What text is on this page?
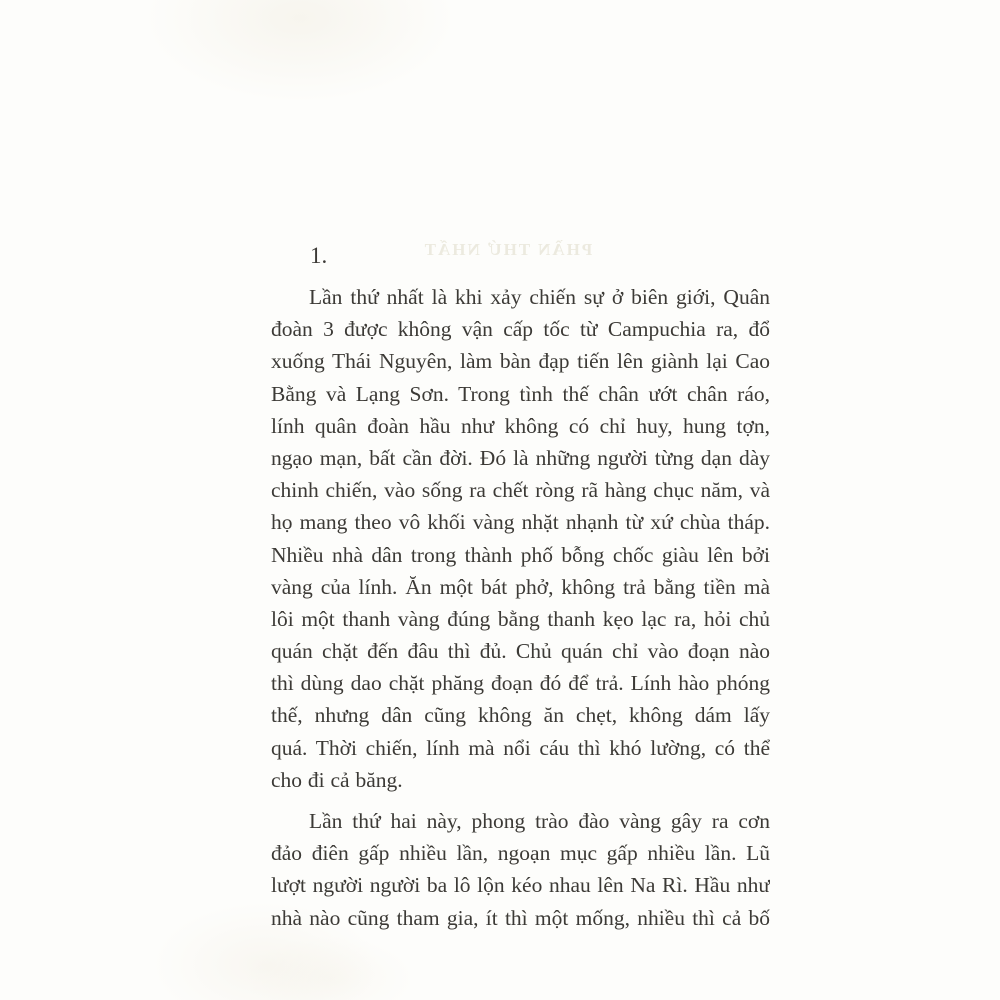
PHẦN THỨ NHẤT
1.
Lần thứ nhất là khi xảy chiến sự ở biên giới, Quân
đoàn 3 được không vận cấp tốc từ Campuchia ra, đổ
xuống Thái Nguyên, làm bàn đạp tiến lên giành lại Cao
Bằng và Lạng Sơn. Trong tình thế chân ướt chân ráo,
lính quân đoàn hầu như không có chỉ huy, hung tợn,
ngạo mạn, bất cần đời. Đó là những người từng dạn dày
chinh chiến, vào sống ra chết ròng rã hàng chục năm, và
họ mang theo vô khối vàng nhặt nhạnh từ xứ chùa tháp.
Nhiều nhà dân trong thành phố bỗng chốc giàu lên bởi
vàng của lính. Ăn một bát phở, không trả bằng tiền mà
lôi một thanh vàng đúng bằng thanh kẹo lạc ra, hỏi chủ
quán chặt đến đâu thì đủ. Chủ quán chỉ vào đoạn nào
thì dùng dao chặt phăng đoạn đó để trả. Lính hào phóng
thế, nhưng dân cũng không ăn chẹt, không dám lấy
quá. Thời chiến, lính mà nổi cáu thì khó lường, có thể
cho đi cả băng.
Lần thứ hai này, phong trào đào vàng gây ra cơn
đảo điên gấp nhiều lần, ngoạn mục gấp nhiều lần. Lũ
lượt người người ba lô lộn kéo nhau lên Na Rì. Hầu như
nhà nào cũng tham gia, ít thì một mống, nhiều thì cả bố
